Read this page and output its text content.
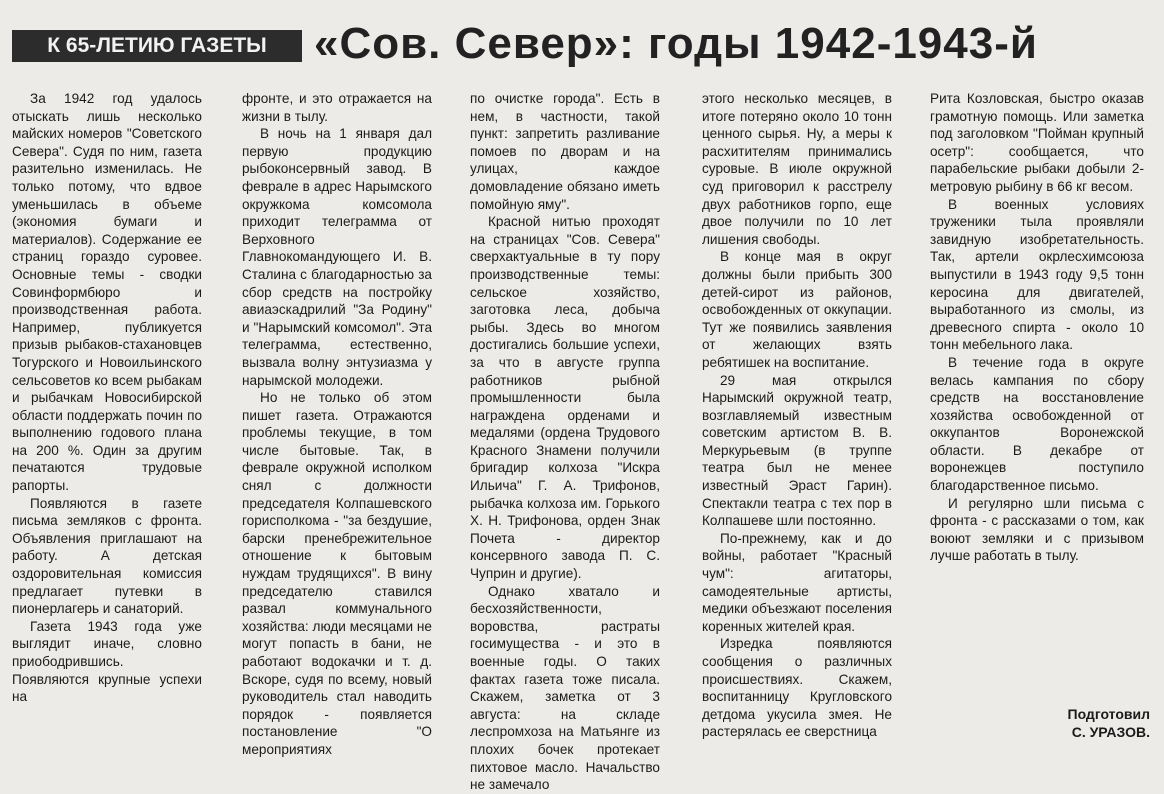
К 65-ЛЕТИЮ ГАЗЕТЫ	«Сов. Север»: годы 1942-1943-й

За 1942 год удалось отыскать лишь несколько майских номеров "Советского Севера". Судя по ним, газета разительно изменилась. Не только потому, что вдвое уменьшилась в объеме (экономия бумаги и материалов). Содержание ее страниц гораздо суровее. Основные темы - сводки Совинформбюро и производственная работа. Например, публикуется призыв рыбаков-стахановцев Тогурского и Новоильинского сельсоветов ко всем рыбакам и рыбачкам Новосибирской области поддержать почин по выполнению годового плана на 200 %. Один за другим печатаются трудовые рапорты.

Появляются в газете письма земляков с фронта. Объявления приглашают на работу. А детская оздоровительная комиссия предлагает путевки в пионерлагерь и санаторий.

Газета 1943 года уже выглядит иначе, словно приободрившись. Появляются крупные успехи на

фронте, и это отражается на жизни в тылу.

В ночь на 1 января дал первую продукцию рыбоконсервный завод. В феврале в адрес Нарымского окружкома комсомола приходит телеграмма от Верховного Главнокомандующего И. В. Сталина с благодарностью за сбор средств на постройку авиаэскадрилий "За Родину" и "Нарымский комсомол". Эта телеграмма, естественно, вызвала волну энтузиазма у нарымской молодежи.

Но не только об этом пишет газета. Отражаются проблемы текущие, в том числе бытовые. Так, в феврале окружной исполком снял с должности председателя Колпашевского горисполкома - "за бездушие, барски пренебрежительное отношение к бытовым нуждам трудящихся". В вину председателю ставился развал коммунального хозяйства: люди месяцами не могут попасть в бани, не работают водокачки и т. д. Вскоре, судя по всему, новый руководитель стал наводить порядок - появляется постановление "О мероприятиях

по очистке города". Есть в нем, в частности, такой пункт: запретить разливание помоев по дворам и на улицах, каждое домовладение обязано иметь помойную яму".

Красной нитью проходят на страницах "Сов. Севера" сверхактуальные в ту пору производственные темы: сельское хозяйство, заготовка леса, добыча рыбы. Здесь во многом достигались большие успехи, за что в августе группа работников рыбной промышленности была награждена орденами и медалями (ордена Трудового Красного Знамени получили бригадир колхоза "Искра Ильича" Г. А. Трифонов, рыбачка колхоза им. Горького Х. Н. Трифонова, орден Знак Почета - директор консервного завода П. С. Чуприн и другие).

Однако хватало и бесхозяйственности, воровства, растраты госимущества - и это в военные годы. О таких фактах газета тоже писала. Скажем, заметка от 3 августа: на складе леспромхоза на Матьянге из плохих бочек протекает пихтовое масло. Начальство не замечало

этого несколько месяцев, в итоге потеряно около 10 тонн ценного сырья. Ну, а меры к расхитителям принимались суровые. В июле окружной суд приговорил к расстрелу двух работников горпо, еще двое получили по 10 лет лишения свободы.

В конце мая в округ должны были прибыть 300 детей-сирот из районов, освобожденных от оккупации. Тут же появились заявления от желающих взять ребятишек на воспитание.

29 мая открылся Нарымский окружной театр, возглавляемый известным советским артистом В. В. Меркурьевым (в труппе театра был не менее известный Эраст Гарин). Спектакли театра с тех пор в Колпашеве шли постоянно.

По-прежнему, как и до войны, работает "Красный чум": агитаторы, самодеятельные артисты, медики объезжают поселения коренных жителей края.

Изредка появляются сообщения о различных происшествиях. Скажем, воспитанницу Кругловского детдома укусила змея. Не растерялась ее сверстница

Рита Козловская, быстро оказав грамотную помощь. Или заметка под заголовком "Пойман крупный осетр": сообщается, что парабельские рыбаки добыли 2-метровую рыбину в 66 кг весом.

В военных условиях труженики тыла проявляли завидную изобретательность. Так, артели окрлесхимсоюза выпустили в 1943 году 9,5 тонн керосина для двигателей, выработанного из смолы, из древесного спирта - около 10 тонн мебельного лака.

В течение года в округе велась кампания по сбору средств на восстановление хозяйства освобожденной от оккупантов Воронежской области. В декабре от воронежцев поступило благодарственное письмо.

И регулярно шли письма с фронта - с рассказами о том, как воюют земляки и с призывом лучше работать в тылу.

Подготовил
С. УРАЗОВ.
